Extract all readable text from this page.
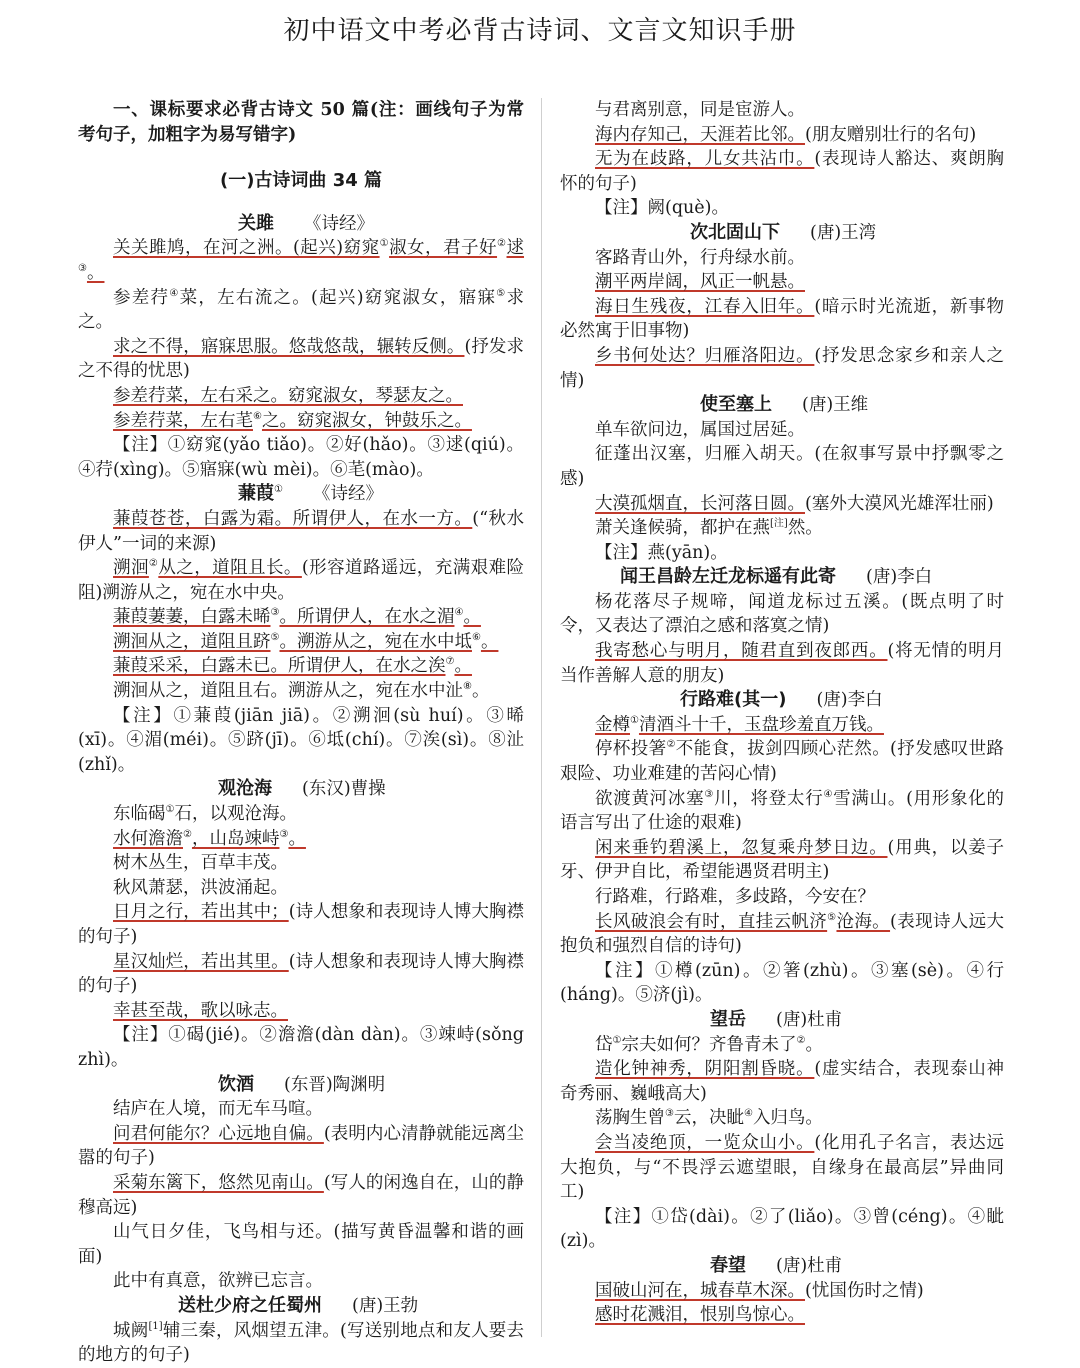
初中语文中考必背古诗词、文言文知识手册

一、课标要求必背古诗文 50 篇(注：画线句子为常考句子，加粗字为易写错字)

(一)古诗词曲 34 篇
关雎 《诗经》

关关雎鸠，在河之洲。(起兴)窈窕①淑女，君子好②逑③。

参差荇④菜，左右流之。(起兴)窈窕淑女，寤寐⑤求之。

求之不得，寤寐思服。悠哉悠哉，辗转反侧。(抒发求之不得的忧思)

参差荇菜，左右采之。窈窕淑女，琴瑟友之。

参差荇菜，左右芼⑥之。窈窕淑女，钟鼓乐之。

【注】①窈窕(yǎo tiǎo)。②好(hǎo)。③逑(qiú)。④荇(xìng)。⑤寤寐(wù mèi)。⑥芼(mào)。

蒹葭① 《诗经》

蒹葭苍苍，白露为霜。所谓伊人，在水一方。(“秋水伊人”一词的来源)

溯洄②从之，道阻且长。(形容道路遥远，充满艰难险阻)溯游从之，宛在水中央。

蒹葭萋萋，白露未晞③。所谓伊人，在水之湄④。

溯洄从之，道阻且跻⑤。溯游从之，宛在水中坻⑥。

蒹葭采采，白露未已。所谓伊人，在水之涘⑦。

溯洄从之，道阻且右。溯游从之，宛在水中沚⑧。

【注】①蒹葭(jiān jiā)。②溯洄(sù huí)。③晞(xī)。④湄(méi)。⑤跻(jī)。⑥坻(chí)。⑦涘(sì)。⑧沚(zhǐ)。

观沧海 (东汉)曹操

东临碣①石，以观沧海。

水何澹澹②，山岛竦峙③。

树木丛生，百草丰茂。

秋风萧瑟，洪波涌起。

日月之行，若出其中；(诗人想象和表现诗人博大胸襟的句子)

星汉灿烂，若出其里。(诗人想象和表现诗人博大胸襟的句子)

幸甚至哉，歌以咏志。

【注】①碣(jié)。②澹澹(dàn dàn)。③竦峙(sǒng zhì)。

饮酒 (东晋)陶渊明

结庐在人境，而无车马喧。

问君何能尔？心远地自偏。(表明内心清静就能远离尘嚣的句子)

采菊东篱下，悠然见南山。(写人的闲逸自在，山的静穆高远)

山气日夕佳，飞鸟相与还。(描写黄昏温馨和谐的画面)

此中有真意，欲辨已忘言。

送杜少府之任蜀州 (唐)王勃

城阙[1]辅三秦，风烟望五津。(写送别地点和友人要去的地方的句子)

与君离别意，同是宦游人。

海内存知己，天涯若比邻。(朋友赠别壮行的名句)

无为在歧路，儿女共沾巾。(表现诗人豁达、爽朗胸怀的句子)

【注】阙(què)。

次北固山下 (唐)王湾

客路青山外，行舟绿水前。

潮平两岸阔，风正一帆悬。

海日生残夜，江春入旧年。(暗示时光流逝，新事物必然寓于旧事物)

乡书何处达？归雁洛阳边。(抒发思念家乡和亲人之情)

使至塞上 (唐)王维

单车欲问边，属国过居延。

征蓬出汉塞，归雁入胡天。(在叙事写景中抒飘零之感)

大漠孤烟直，长河落日圆。(塞外大漠风光雄浑壮丽)

萧关逢候骑，都护在燕[注]然。

【注】燕(yān)。

闻王昌龄左迁龙标遥有此寄 (唐)李白

杨花落尽子规啼，闻道龙标过五溪。(既点明了时令，又表达了漂泊之感和落寞之情)

我寄愁心与明月，随君直到夜郎西。(将无情的明月当作善解人意的朋友)

行路难(其一) (唐)李白

金樽①清酒斗十千，玉盘珍羞直万钱。

停杯投箸②不能食，拔剑四顾心茫然。(抒发感叹世路艰险、功业难建的苦闷心情)

欲渡黄河冰塞③川，将登太行④雪满山。(用形象化的语言写出了仕途的艰难)

闲来垂钓碧溪上，忽复乘舟梦日边。(用典，以姜子牙、伊尹自比，希望能遇贤君明主)

行路难，行路难，多歧路，今安在？

长风破浪会有时，直挂云帆济⑤沧海。(表现诗人远大抱负和强烈自信的诗句)

【注】①樽(zūn)。②箸(zhù)。③塞(sè)。④行(háng)。⑤济(jì)。

望岳 (唐)杜甫

岱①宗夫如何？齐鲁青未了②。

造化钟神秀，阴阳割昏晓。(虚实结合，表现泰山神奇秀丽、巍峨高大)

荡胸生曾③云，决眦④入归鸟。

会当凌绝顶，一览众山小。(化用孔子名言，表达远大抱负，与“不畏浮云遮望眼，自缘身在最高层”异曲同工)

【注】①岱(dài)。②了(liǎo)。③曾(céng)。④眦(zì)。

春望 (唐)杜甫

国破山河在，城春草木深。(忧国伤时之情)

感时花溅泪，恨别鸟惊心。
